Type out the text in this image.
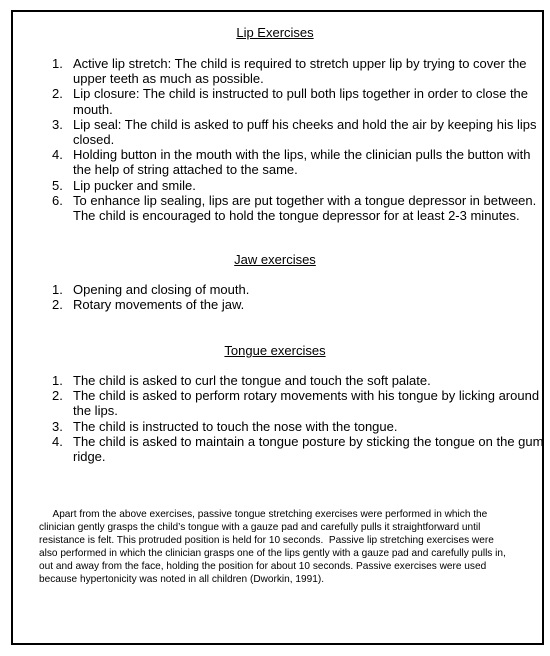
Lip Exercises
1. Active lip stretch: The child is required to stretch upper lip by trying to cover the upper teeth as much as possible.
2. Lip closure: The child is instructed to pull both lips together in order to close the mouth.
3. Lip seal: The child is asked to puff his cheeks and hold the air by keeping his lips closed.
4. Holding button in the mouth with the lips, while the clinician pulls the button with the help of string attached to the same.
5. Lip pucker and smile.
6. To enhance lip sealing, lips are put together with a tongue depressor in between. The child is encouraged to hold the tongue depressor for at least 2-3 minutes.
Jaw exercises
1. Opening and closing of mouth.
2. Rotary movements of the jaw.
Tongue exercises
1. The child is asked to curl the tongue and touch the soft palate.
2. The child is asked to perform rotary movements with his tongue by licking around the lips.
3. The child is instructed to touch the nose with the tongue.
4. The child is asked to maintain a tongue posture by sticking the tongue on the gum ridge.

Apart from the above exercises, passive tongue stretching exercises were performed in which the
clinician gently grasps the child’s tongue with a gauze pad and carefully pulls it straightforward until
resistance is felt. This protruded position is held for 10 seconds.  Passive lip stretching exercises were
also performed in which the clinician grasps one of the lips gently with a gauze pad and carefully pulls in,
out and away from the face, holding the position for about 10 seconds. Passive exercises were used
because hypertonicity was noted in all children (Dworkin, 1991).
